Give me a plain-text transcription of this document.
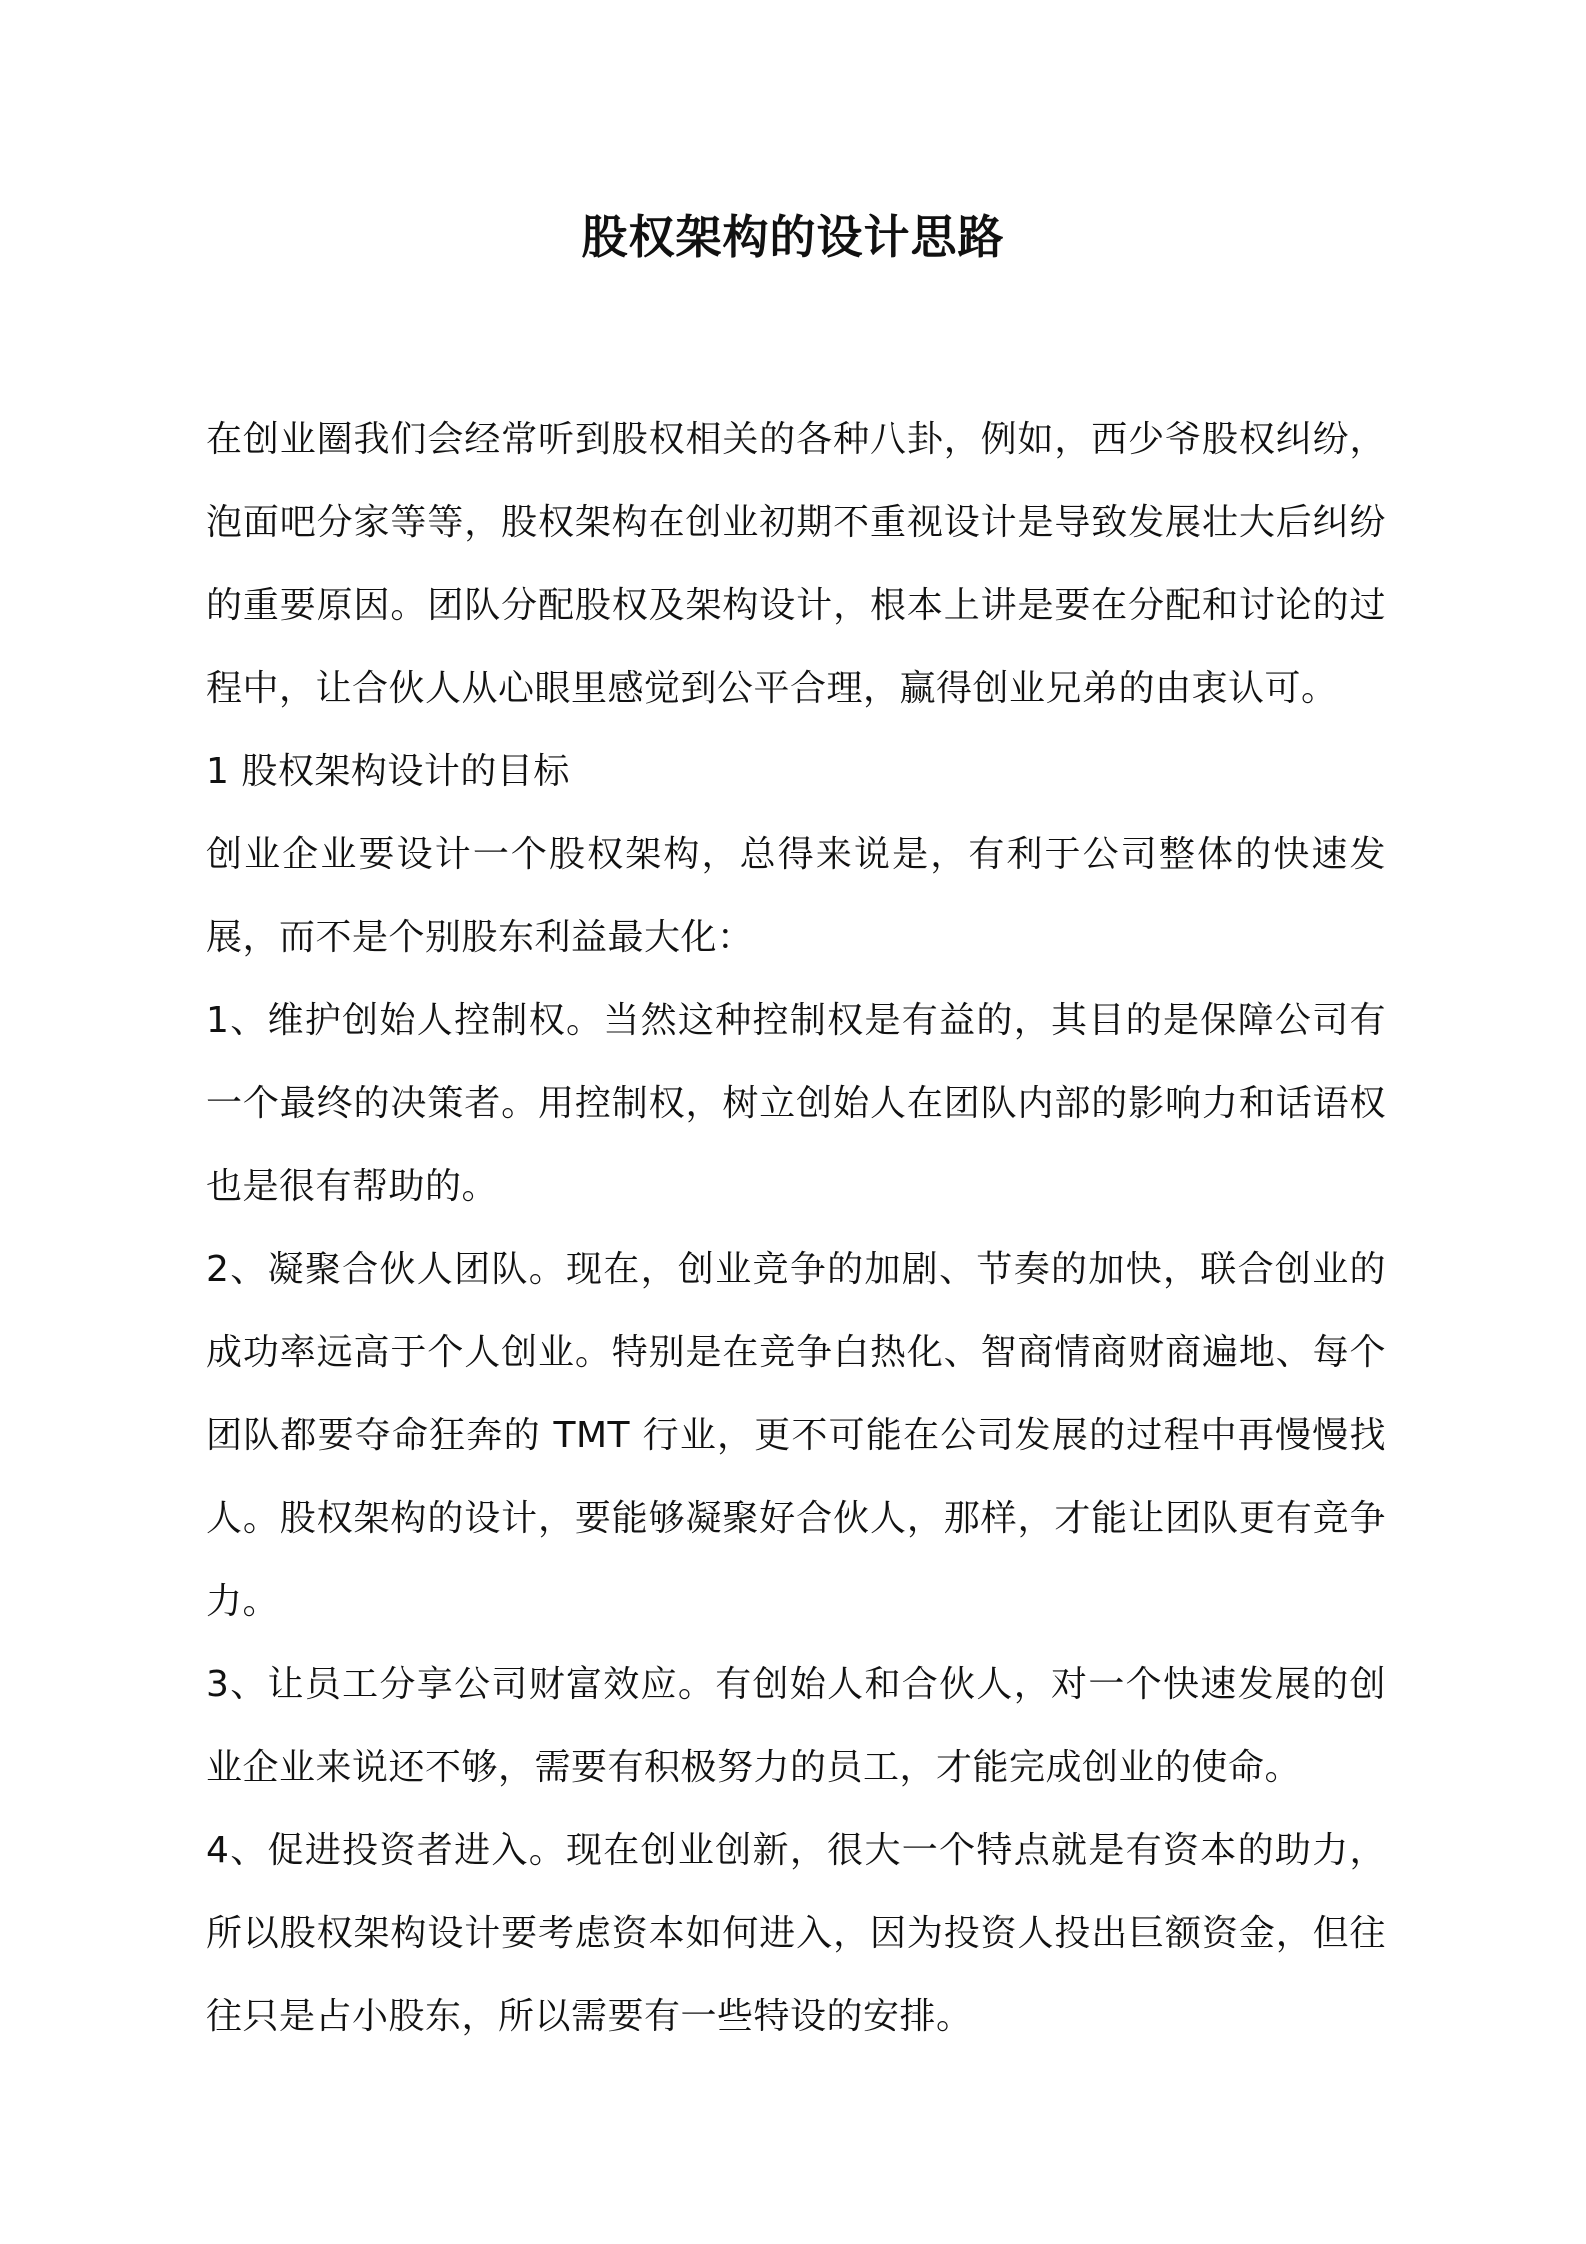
股权架构的设计思路

在创业圈我们会经常听到股权相关的各种八卦，例如，西少爷股权纠纷，泡面吧分家等等，股权架构在创业初期不重视设计是导致发展壮大后纠纷的重要原因。团队分配股权及架构设计，根本上讲是要在分配和讨论的过程中，让合伙人从心眼里感觉到公平合理，赢得创业兄弟的由衷认可。

1 股权架构设计的目标

创业企业要设计一个股权架构，总得来说是，有利于公司整体的快速发展，而不是个别股东利益最大化：

1、维护创始人控制权。当然这种控制权是有益的，其目的是保障公司有一个最终的决策者。用控制权，树立创始人在团队内部的影响力和话语权也是很有帮助的。

2、凝聚合伙人团队。现在，创业竞争的加剧、节奏的加快，联合创业的成功率远高于个人创业。特别是在竞争白热化、智商情商财商遍地、每个团队都要夺命狂奔的 TMT 行业，更不可能在公司发展的过程中再慢慢找人。股权架构的设计，要能够凝聚好合伙人，那样，才能让团队更有竞争力。

3、让员工分享公司财富效应。有创始人和合伙人，对一个快速发展的创业企业来说还不够，需要有积极努力的员工，才能完成创业的使命。

4、促进投资者进入。现在创业创新，很大一个特点就是有资本的助力，所以股权架构设计要考虑资本如何进入，因为投资人投出巨额资金，但往往只是占小股东，所以需要有一些特设的安排。
